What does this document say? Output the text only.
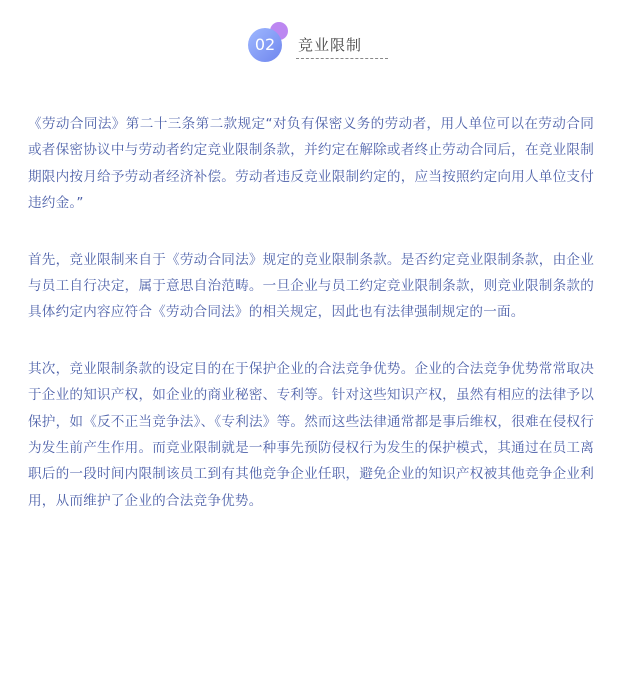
02	竞业限制

《劳动合同法》第二十三条第二款规定“对负有保密义务的劳动者，用人单位可以在劳动合同或者保密协议中与劳动者约定竞业限制条款，并约定在解除或者终止劳动合同后，在竞业限制期限内按月给予劳动者经济补偿。劳动者违反竞业限制约定的，应当按照约定向用人单位支付违约金。”

首先，竞业限制来自于《劳动合同法》规定的竞业限制条款。是否约定竞业限制条款，由企业与员工自行决定，属于意思自治范畴。一旦企业与员工约定竞业限制条款，则竞业限制条款的具体约定内容应符合《劳动合同法》的相关规定，因此也有法律强制规定的一面。

其次，竞业限制条款的设定目的在于保护企业的合法竞争优势。企业的合法竞争优势常常取决于企业的知识产权，如企业的商业秘密、专利等。针对这些知识产权，虽然有相应的法律予以保护，如《反不正当竞争法》、《专利法》等。然而这些法律通常都是事后维权，很难在侵权行为发生前产生作用。而竞业限制就是一种事先预防侵权行为发生的保护模式，其通过在员工离职后的一段时间内限制该员工到有其他竞争企业任职，避免企业的知识产权被其他竞争企业利用，从而维护了企业的合法竞争优势。
